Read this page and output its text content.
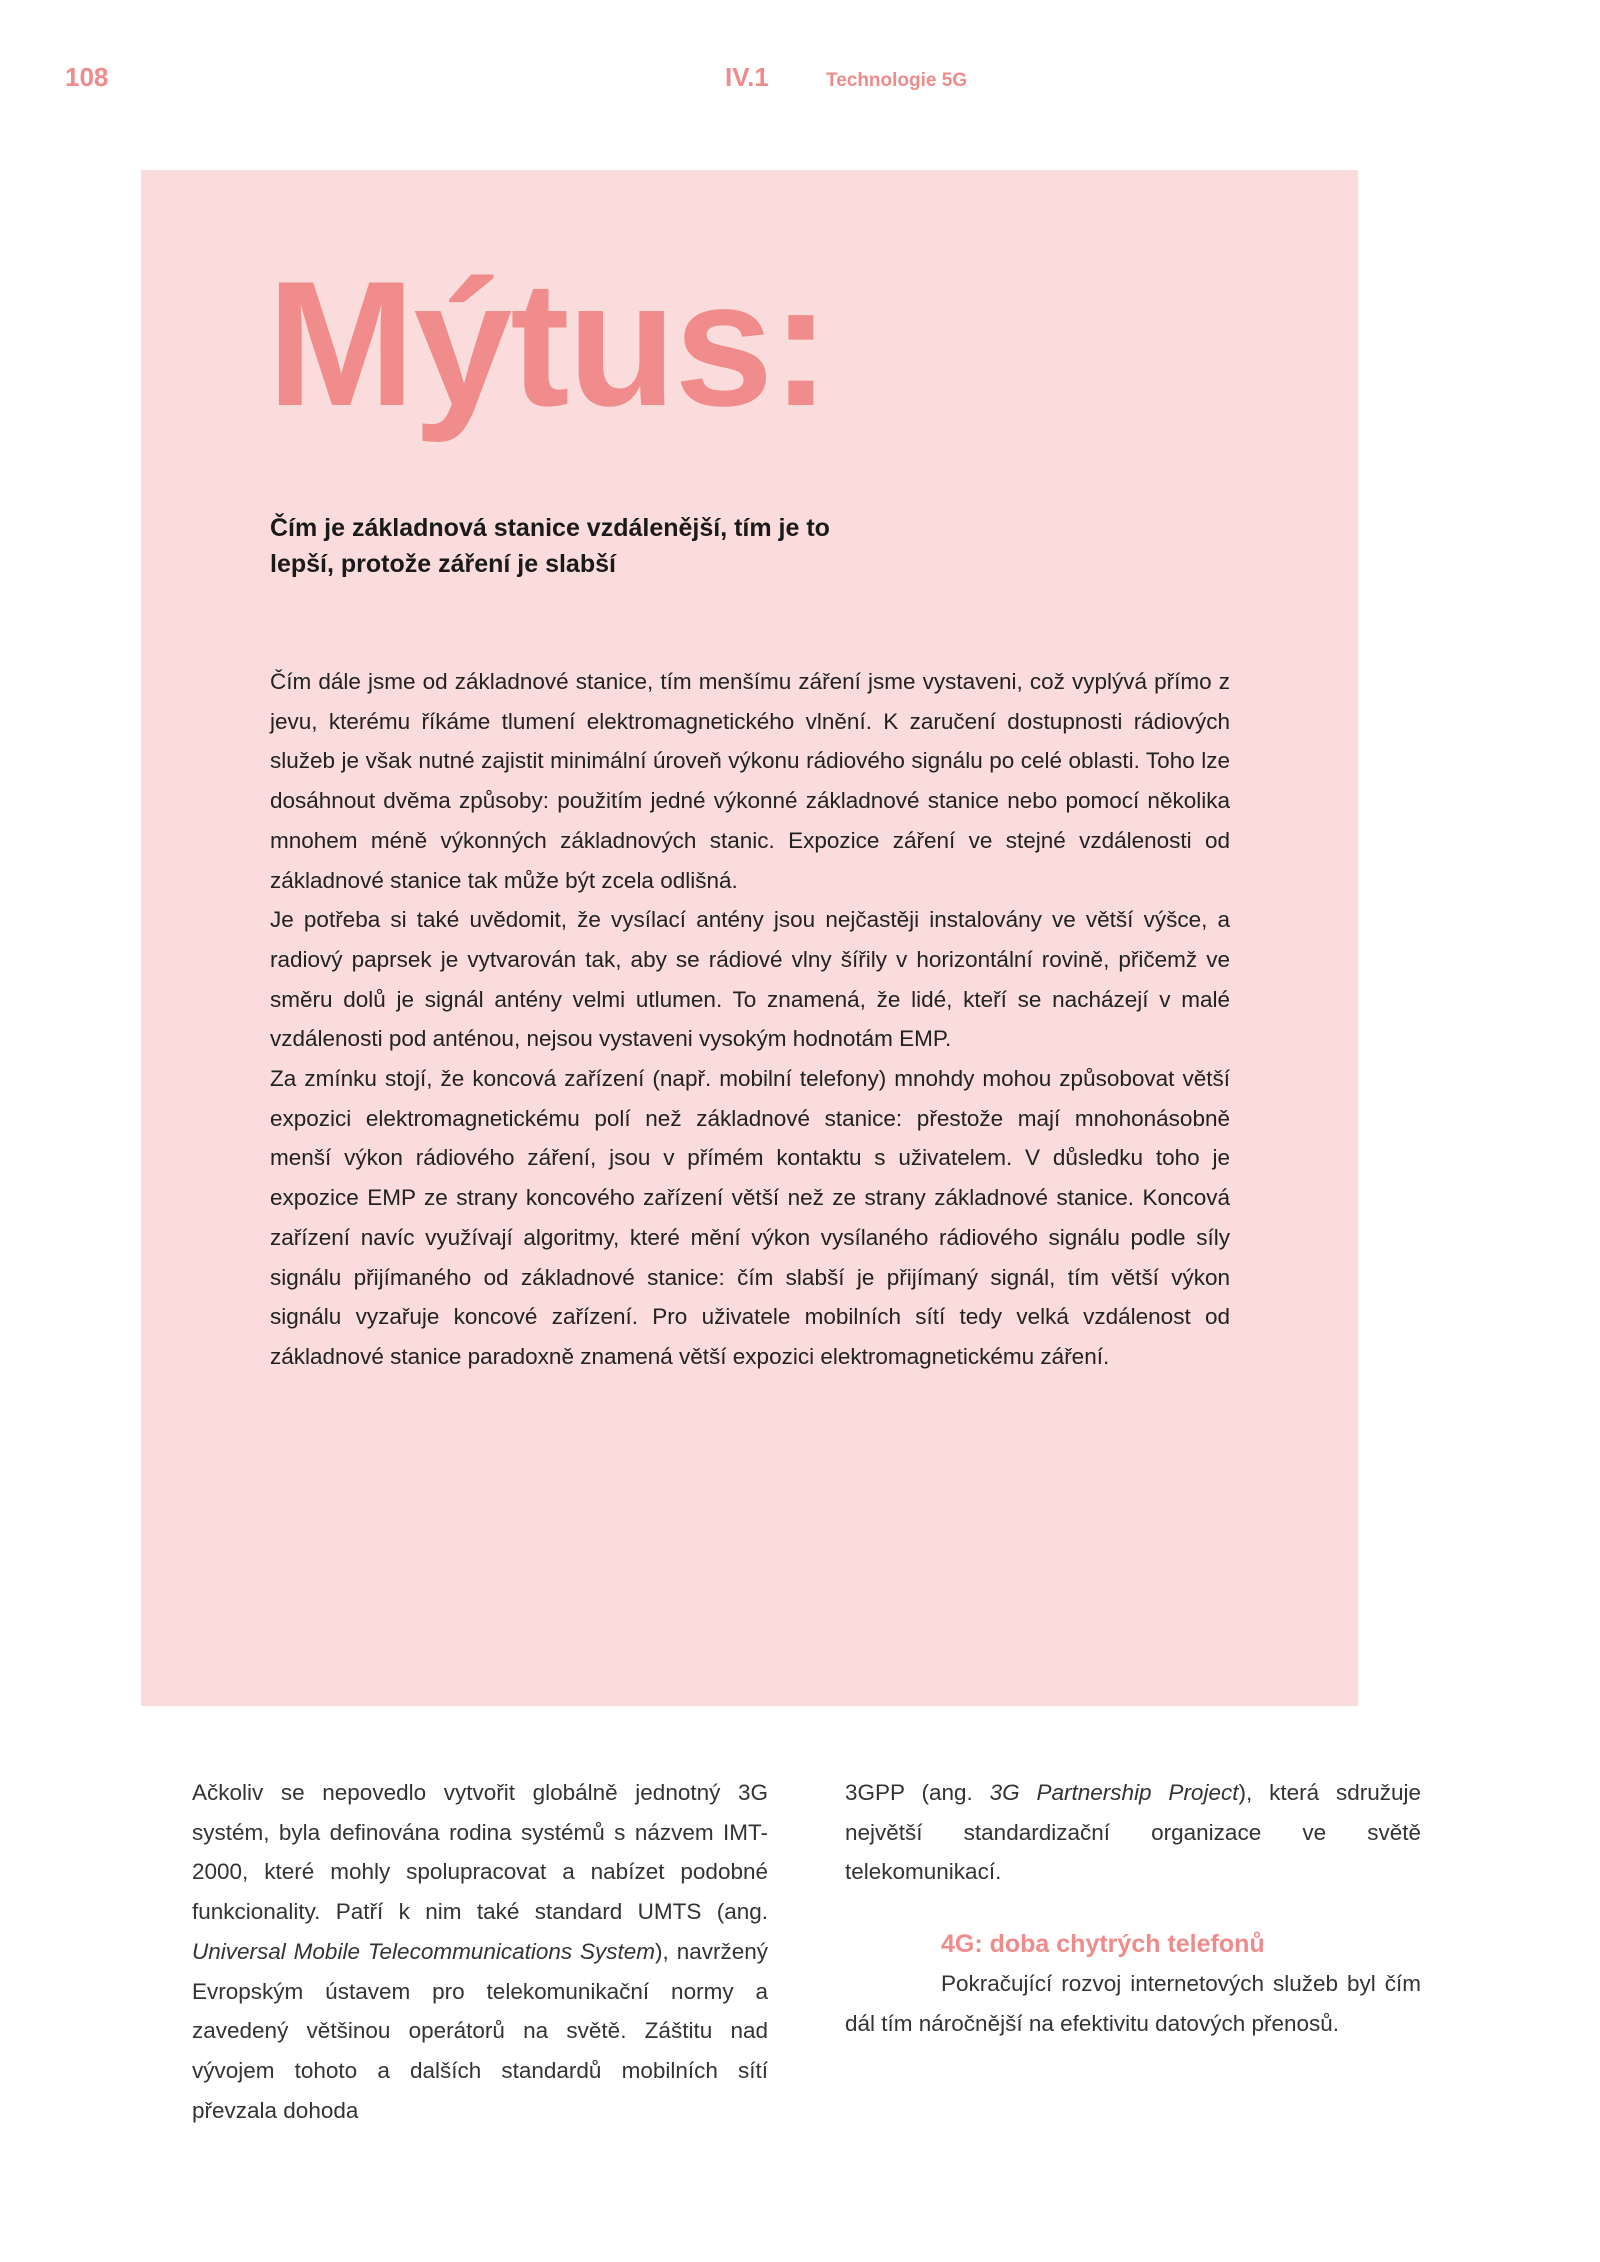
108	IV.1	Technologie 5G
Mýtus:
Čím je základnová stanice vzdálenější, tím je to lepší, protože záření je slabší

Čím dále jsme od základnové stanice, tím menšímu záření jsme vystaveni, což vyplývá přímo z jevu, kterému říkáme tlumení elektromagnetického vlnění. K zaručení dostupnosti rádiových služeb je však nutné zajistit minimální úroveň výkonu rádiového signálu po celé oblasti. Toho lze dosáhnout dvěma způsoby: použitím jedné výkonné základnové stanice nebo pomocí několika mnohem méně výkonných základnových stanic. Expozice záření ve stejné vzdálenosti od základnové stanice tak může být zcela odlišná.

Je potřeba si také uvědomit, že vysílací antény jsou nejčastěji instalovány ve větší výšce, a radiový paprsek je vytvarován tak, aby se rádiové vlny šířily v horizontální rovině, přičemž ve směru dolů je signál antény velmi utlumen. To znamená, že lidé, kteří se nacházejí v malé vzdálenosti pod anténou, nejsou vystaveni vysokým hodnotám EMP.

Za zmínku stojí, že koncová zařízení (např. mobilní telefony) mnohdy mohou způsobovat větší expozici elektromagnetickému polí než základnové stanice: přestože mají mnohonásobně menší výkon rádiového záření, jsou v přímém kontaktu s uživatelem. V důsledku toho je expozice EMP ze strany koncového zařízení větší než ze strany základnové stanice. Koncová zařízení navíc využívají algoritmy, které mění výkon vysílaného rádiového signálu podle síly signálu přijímaného od základnové stanice: čím slabší je přijímaný signál, tím větší výkon signálu vyzařuje koncové zařízení. Pro uživatele mobilních sítí tedy velká vzdálenost od základnové stanice paradoxně znamená větší expozici elektromagnetickému záření.

Ačkoliv se nepovedlo vytvořit globálně jednotný 3G systém, byla definována rodina systémů s názvem IMT-2000, které mohly spolupracovat a nabízet podobné funkcionality. Patří k nim také standard UMTS (ang. Universal Mobile Telecommunications System), navržený Evropským ústavem pro telekomunikační normy a zavedený většinou operátorů na světě. Záštitu nad vývojem tohoto a dalších standardů mobilních sítí převzala dohoda

3GPP (ang. 3G Partnership Project), která sdružuje největší standardizační organizace ve světě telekomunikací.

4G: doba chytrých telefonů

Pokračující rozvoj internetových služeb byl čím dál tím náročnější na efektivitu datových přenosů.
